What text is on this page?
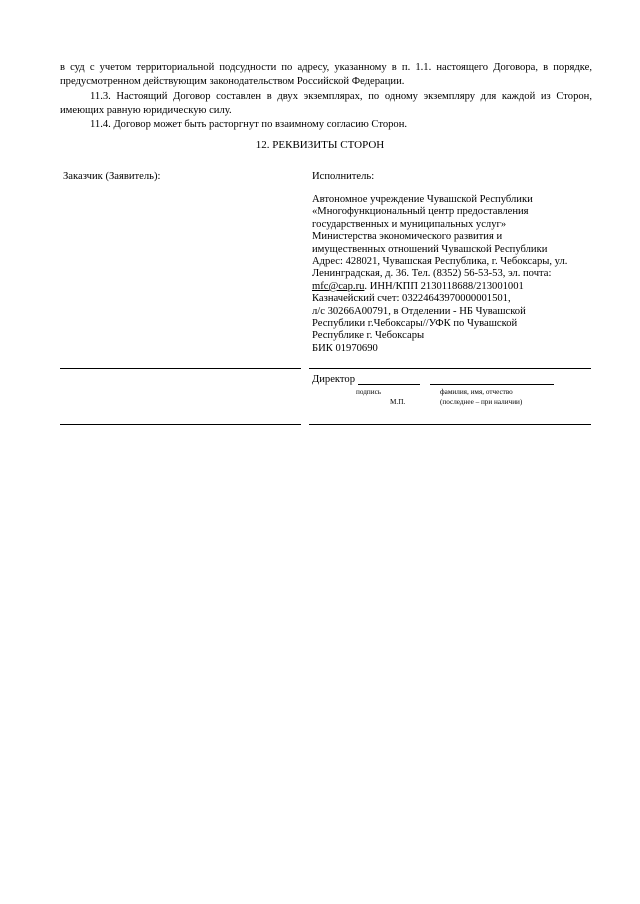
в суд с учетом территориальной подсудности по адресу, указанному в п. 1.1. настоящего Договора, в порядке, предусмотренном действующим законодательством Российской Федерации.

11.3. Настоящий Договор составлен в двух экземплярах, по одному экземпляру для каждой из Сторон, имеющих равную юридическую силу.

11.4. Договор может быть расторгнут по взаимному согласию Сторон.

12. РЕКВИЗИТЫ СТОРОН
Заказчик (Заявитель):	Исполнитель:

Автономное учреждение Чувашской Республики
«Многофункциональный центр предоставления
государственных и муниципальных услуг»
Министерства экономического развития и
имущественных отношений Чувашской Республики
Адрес: 428021, Чувашская Республика, г. Чебоксары, ул.
Ленинградская, д. 36. Тел. (8352) 56-53-53, эл. почта:
mfc@cap.ru. ИНН/КПП 2130118688/213001001
Казначейский счет: 03224643970000001501,
л/с 30266А00791, в Отделении - НБ Чувашской
Республики г.Чебоксары//УФК по Чувашской
Республике г. Чебоксары
БИК 01970690
Директор
подпись	фамилия, имя, отчество
М.П.	(последнее – при наличии)
